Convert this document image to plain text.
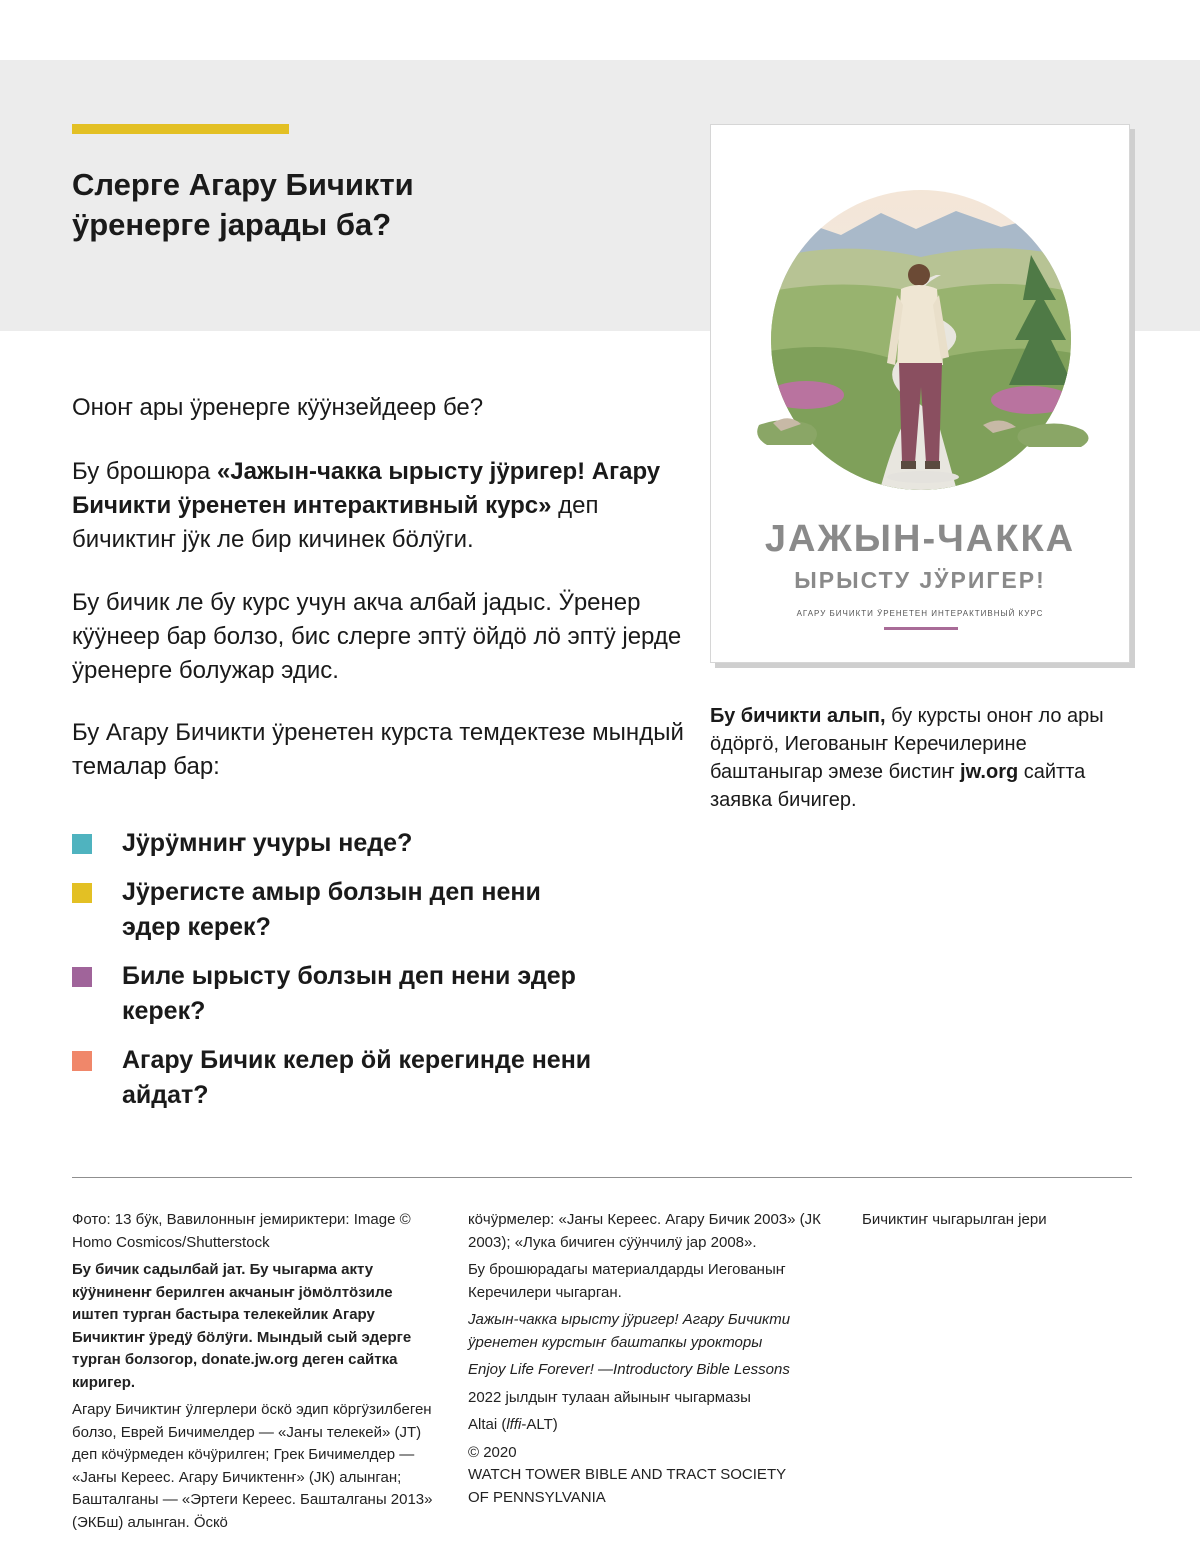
Слерге Агару Бичикти
ӱренерге јарады ба?

Оноҥ ары ӱренерге кӱӱнзейдеер бе?

Бу брошюра «Јажын-чакка ырысту јӱригер! Агару Бичикти ӱренетен интерактивный курс» деп бичиктиҥ јӱк ле бир кичинек бӧлӱги.

Бу бичик ле бу курс учун акча албай јадыс. Ӱренер кӱӱнеер бар болзо, бис слерге эптӱ ӧйдӧ лӧ эптӱ јерде ӱренерге болужар эдис.

Бу Агару Бичикти ӱренетен курста темдектезе мындый темалар бар:

Јӱрӱмниҥ учуры неде?
Јӱрегисте амыр болзын деп нени эдер керек?
Биле ырысту болзын деп нени эдер керек?
Агару Бичик келер ӧй керегинде нени айдат?
ЈАЖЫН-ЧАККА
ЫРЫСТУ ЈӰРИГЕР!
АГАРУ БИЧИКТИ ӰРЕНЕТЕН ИНТЕРАКТИВНЫЙ КУРС

Бу бичикти алып, бу курсты оноҥ ло ары ӧдӧргӧ, Иегованыҥ Керечилерине баштаныгар эмезе бистиҥ jw.org сайтта заявка бичигер.

Фото: 13 бӱк, Вавилонныҥ јемириктери: Image © Homo Cosmicos/Shutterstock

Бу бичик садылбай јат. Бу чыгарма акту кӱӱниненҥ берилген акчаныҥ јӧмӧлтӧзиле иштеп турган бастыра телекейлик Агару Бичиктиҥ ӱредӱ бӧлӱги. Мындый сый эдерге турган болзогор, donate.jw.org деген сайтка киригер.

Агару Бичиктиҥ ӱлгерлери ӧскӧ эдип кӧргӱзилбеген болзо, Еврей Бичимелдер — «Јаҥы телекей» (ЈТ) деп кӧчӱрмеден кӧчӱрилген; Грек Бичимелдер — «Јаҥы Кереес. Агару Бичиктенҥ» (ЈК) алынган; Башталганы — «Эртеги Кереес. Башталганы 2013» (ЭКБш) алынган. Ӧскӧ

кӧчӱрмелер: «Јаҥы Кереес. Агару Бичик 2003» (ЈК 2003); «Лука бичиген сӱӱнчилӱ јар 2008».

Бу брошюрадагы материалдарды Иегованыҥ Керечилери чыгарган.

Јажын-чакка ырысту јӱригер! Агару Бичикти ӱренетен курстыҥ баштапкы урокторы

Enjoy Life Forever! —Introductory Bible Lessons

2022 јылдыҥ тулаан айыныҥ чыгармазы

Altai (lffi-ALT)

© 2020
WATCH TOWER BIBLE AND TRACT SOCIETY
OF PENNSYLVANIA

Бичиктиҥ чыгарылган јери
